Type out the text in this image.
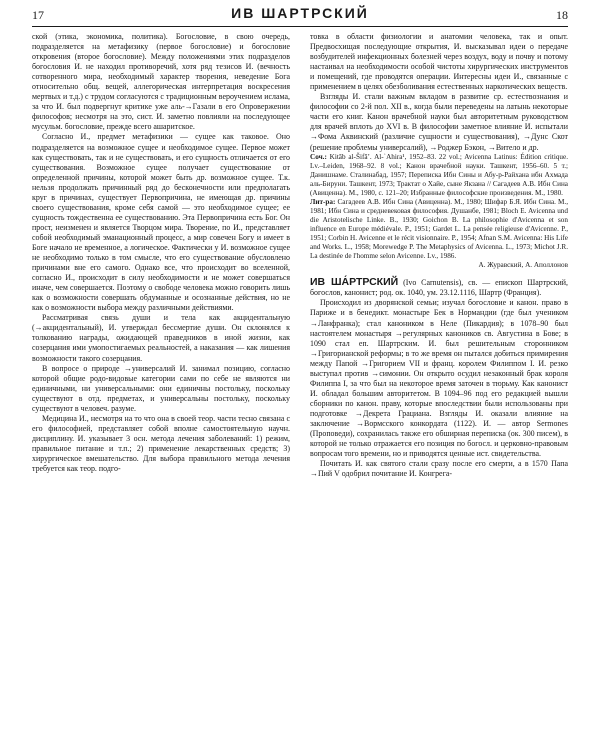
17	ИВ ШАРТРСКИЙ	18

ской (этика, экономика, политика). Богословие, в свою очередь, подразделяется на метафизику (первое богословие) и богословие откровения (второе богословие). Между положениями этих подразделов богословия И. не находил противоречий, хотя ряд тезисов И. (вечность сотворенного мира, необходимый характер творения, неведение Бога относительно общ. вещей, аллегорическая интерпретация воскресения мертвых и т.д.) с трудом согласуются с традиционным вероучением ислама, за что И. был подвергнут критике уже аль-→Газали в его Опровержении философов; несмотря на это, сист. И. заметно повлияли на последующее мусульм. богословие, прежде всего ашаритское.

Согласно И., предмет метафизики — сущее как таковое. Оно подразделяется на возможное сущее и необходимое сущее. Первое может как существовать, так и не существовать, и его сущность отличается от его существования. Возможное сущее получает существование от определенной причины, которой может быть др. возможное сущее. Т.к. нельзя продолжать причинный ряд до бесконечности или предполагать круг в причинах, существует Первопричина, не имеющая др. причины своего существования, кроме себя самой — это необходимое сущее; ее сущность тождественна ее существованию. Эта Первопричина есть Бог. Он прост, неизменен и является Творцом мира. Творение, по И., представляет собой необходимый эманационный процесс, а мир совечен Богу и имеет в Боге начало не временное, а логическое. Фактически у И. возможное сущее не необходимо только в том смысле, что его существование обусловлено причинами вне его самого. Однако все, что происходит во вселенной, согласно И., происходит в силу необходимости и не может совершаться иначе, чем совершается. Поэтому о свободе человека можно говорить лишь как о возможности совершать обдуманные и осознанные действия, но не как о возможности выбора между различными действиями.

Рассматривая связь души и тела как акцидентальную (→акцидентальный), И. утверждал бессмертие души. Он склонялся к толкованию награды, ожидающей праведников в иной жизни, как созерцания ими умопостигаемых реальностей, а наказания — как лишения возможности такого созерцания.

В вопросе о природе →универсалий И. занимал позицию, согласно которой общие родо-видовые категории сами по себе не являются ни единичными, ни универсальными: они единичны постольку, поскольку существуют в отд. предметах, и универсальны постольку, поскольку существуют в человеч. разуме.

Медицина И., несмотря на то что она в своей теор. части тесно связана с его философией, представляет собой вполне самостоятельную научн. дисциплину. И. указывает 3 осн. метода лечения заболеваний: 1) режим, правильное питание и т.п.; 2) применение лекарственных средств; 3) хирургическое вмешательство. Для выбора правильного метода лечения требуется как теор. подго-

товка в области физиологии и анатомии человека, так и опыт. Предвосхищая последующие открытия, И. высказывал идеи о передаче возбудителей инфекционных болезней через воздух, воду и почву и потому настаивал на необходимости особой чистоты хирургических инструментов и помещений, где проводятся операции. Интересны идеи И., связанные с применением в целях обезболивания естественных наркотических веществ.

Взгляды И. стали важным вкладом в развитие ср. естествознания и философии со 2-й пол. XII в., когда были переведены на латынь некоторые части его книг. Канон врачебной науки был авторитетным руководством для врачей вплоть до XVI в. В философии заметное влияние И. испытали →Фома Аквинский (различие сущности и существования), →Дунс Скот (решение проблемы универсалий), →Роджер Бэкон, →Витело и др.

Соч.: Kitāb al-Šifā’. Al-ʾAhira¹, 1952–83. 22 vol.; Avicenna Latinus: Édition critique. Lv.–Leiden, 1968–92. 8 vol.; Канон врачебной науки. Ташкент, 1956–60. 5 т.; Данишнаме. Сталинабад, 1957; Переписка Ибн Сины и Абу-р-Райхана ибн Ахмада аль-Бируни. Ташкент, 1973; Трактат о Хайе, сыне Якзана // Сагадеев А.В. Ибн Сина (Авиценна). М., 1980, с. 121–20; Избранные философские произведения. М., 1980.

Лит-ра: Сагадеев А.В. Ибн Сина (Авиценна). М., 1980; Шифар Б.Я. Ибн Сина. М., 1981; Ибн Сина и средневековая философия. Душанбе, 1981; Bloch E. Avicenna und die Aristotelische Linke. B., 1930; Goichon B. La philosophie d'Avicenna et son influence en Europe médiévale. P., 1951; Gardet L. La pensée religieuse d'Avicenne. P., 1951; Corbin H. Avicenne et le récit visionnaire. P., 1954; Afnan S.M. Avicenna: His Life and Works. L., 1958; Morewedge P. The Metaphysics of Avicenna. L., 1973; Michot J.R. La destinée de l'homme selon Avicenne. Lv., 1986.

А. Журавский, А. Аполлонов

ИВ ША́РТРСКИЙ (Ivo Carnutensis), св. — епископ Шартрский, богослов, канонист; род. ок. 1040, ум. 23.12.1116, Шартр (Франция).

Происходил из дворянской семьи; изучал богословие и канон. право в Париже и в бенедикт. монастыре Бек в Нормандии (где был учеником →Ланфранка); стал каноником в Неле (Пикардия); в 1078–90 был настоятелем монастыря →регулярных каноников св. Августина в Бове; в 1090 стал еп. Шартрским. И. был решительным сторонником →Григорианской реформы; в то же время он пытался добиться примирения между Папой →Григорием VII и франц. королем Филиппом I. И. резко выступал против →симонии. Он открыто осудил незаконный брак короля Филиппа I, за что был на некоторое время заточен в тюрьму. Как канонист И. обладал большим авторитетом. В 1094–96 под его редакцией вышли сборники по канон. праву, которые впоследствии были использованы при подготовке →Декрета Грациана. Взгляды И. оказали влияние на заключение →Вормсского конкордата (1122). И. — автор Sermones (Проповеди), сохранилась также его обширная переписка (ок. 300 писем), в которой не только отражается его позиция по богосл. и церковно-правовым вопросам того времени, но и приводятся ценные ист. свидетельства.

Почитать И. как святого стали сразу после его смерти, а в 1570 Папа →Пий V одобрил почитание И. Конгрега-
